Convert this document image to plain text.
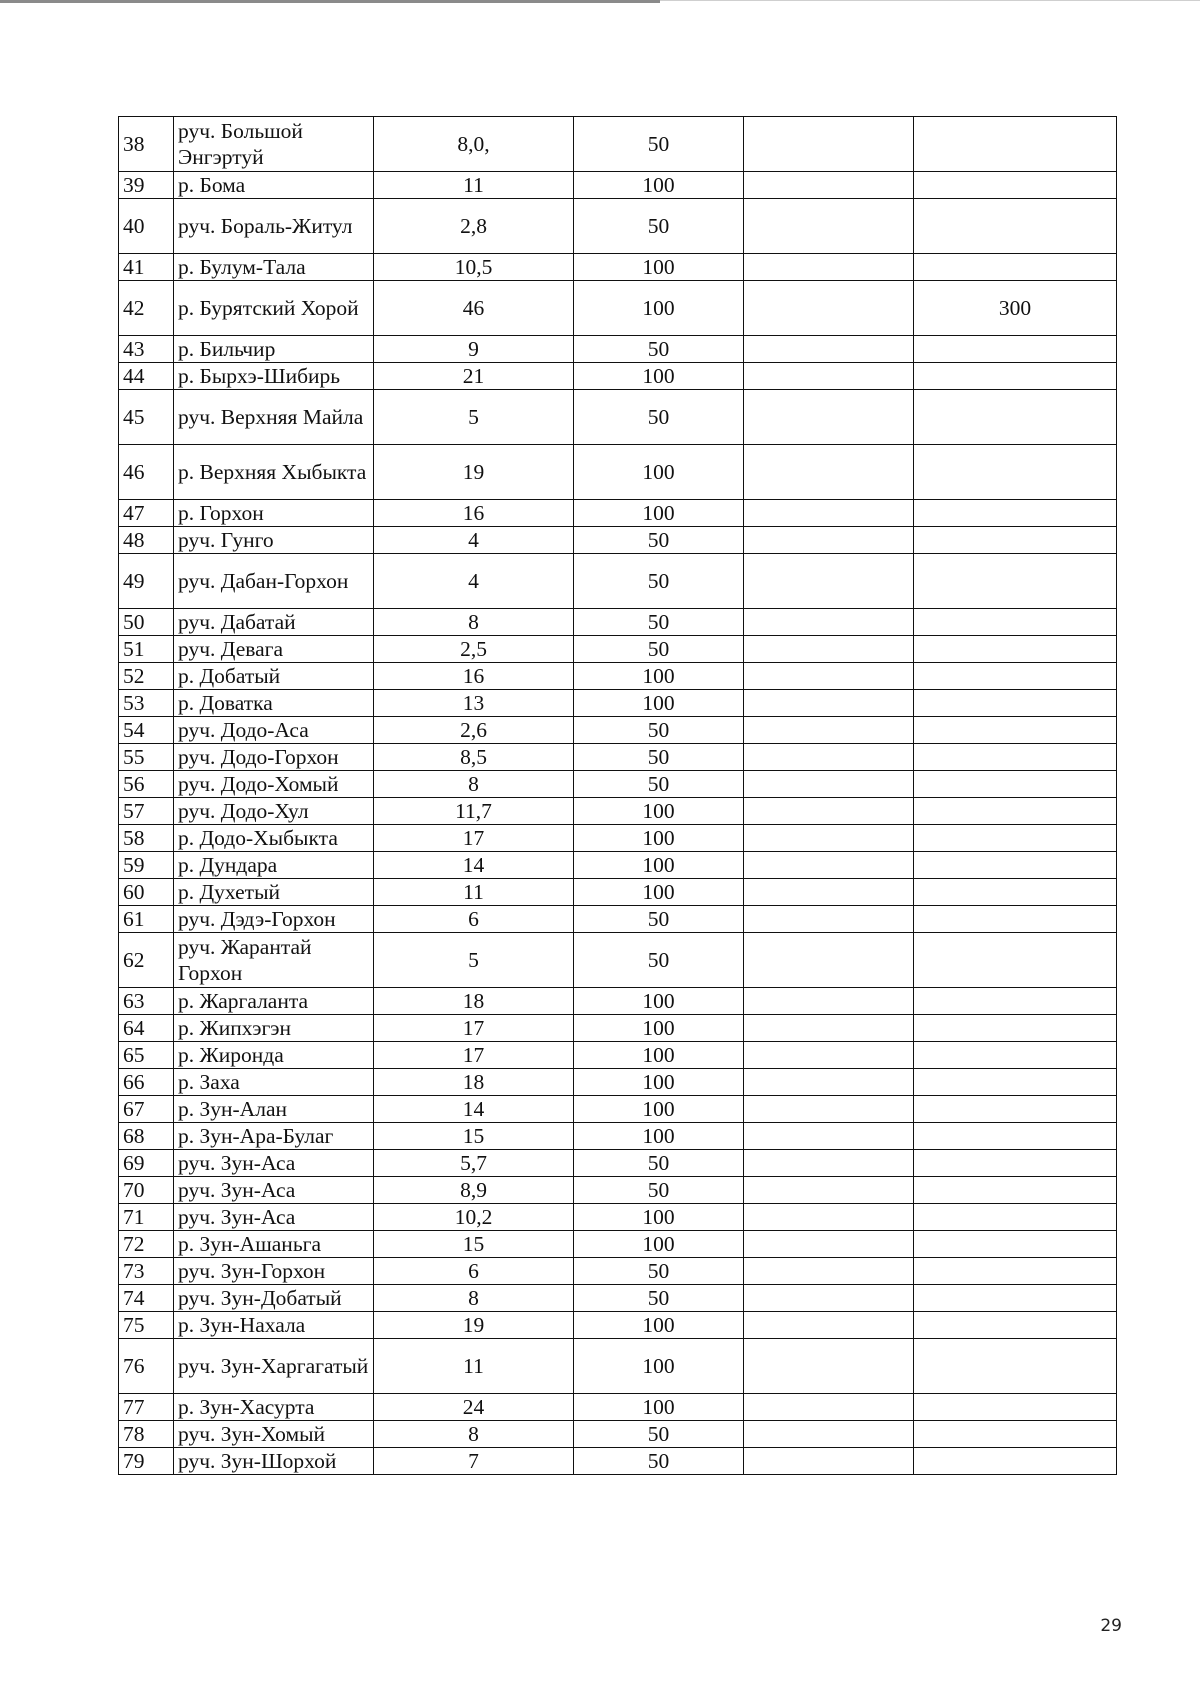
38	руч. Большой Энгэртуй	8,0,	50		
39	р. Бома	11	100		
40	руч. Бораль-Житул	2,8	50		
41	р. Булум-Тала	10,5	100		
42	р. Бурятский Хорой	46	100		300
43	р. Бильчир	9	50		
44	р. Бырхэ-Шибирь	21	100		
45	руч. Верхняя Майла	5	50		
46	р. Верхняя Хыбыкта	19	100		
47	р. Горхон	16	100		
48	руч. Гунго	4	50		
49	руч. Дабан-Горхон	4	50		
50	руч. Дабатай	8	50		
51	руч. Девага	2,5	50		
52	р. Добатый	16	100		
53	р. Доватка	13	100		
54	руч. Додо-Аса	2,6	50		
55	руч. Додо-Горхон	8,5	50		
56	руч. Додо-Хомый	8	50		
57	руч. Додо-Хул	11,7	100		
58	р. Додо-Хыбыкта	17	100		
59	р. Дундара	14	100		
60	р. Духетый	11	100		
61	руч. Дэдэ-Горхон	6	50		
62	руч. Жарантай Горхон	5	50		
63	р. Жаргаланта	18	100		
64	р. Жипхэгэн	17	100		
65	р. Жиронда	17	100		
66	р. Заха	18	100		
67	р. Зун-Алан	14	100		
68	р. Зун-Ара-Булаг	15	100		
69	руч. Зун-Аса	5,7	50		
70	руч. Зун-Аса	8,9	50		
71	руч. Зун-Аса	10,2	100		
72	р. Зун-Ашаньга	15	100		
73	руч. Зун-Горхон	6	50		
74	руч. Зун-Добатый	8	50		
75	р. Зун-Нахала	19	100		
76	руч. Зун-Харгагатый	11	100		
77	р. Зун-Хасурта	24	100		
78	руч. Зун-Хомый	8	50		
79	руч. Зун-Шорхой	7	50		
29
